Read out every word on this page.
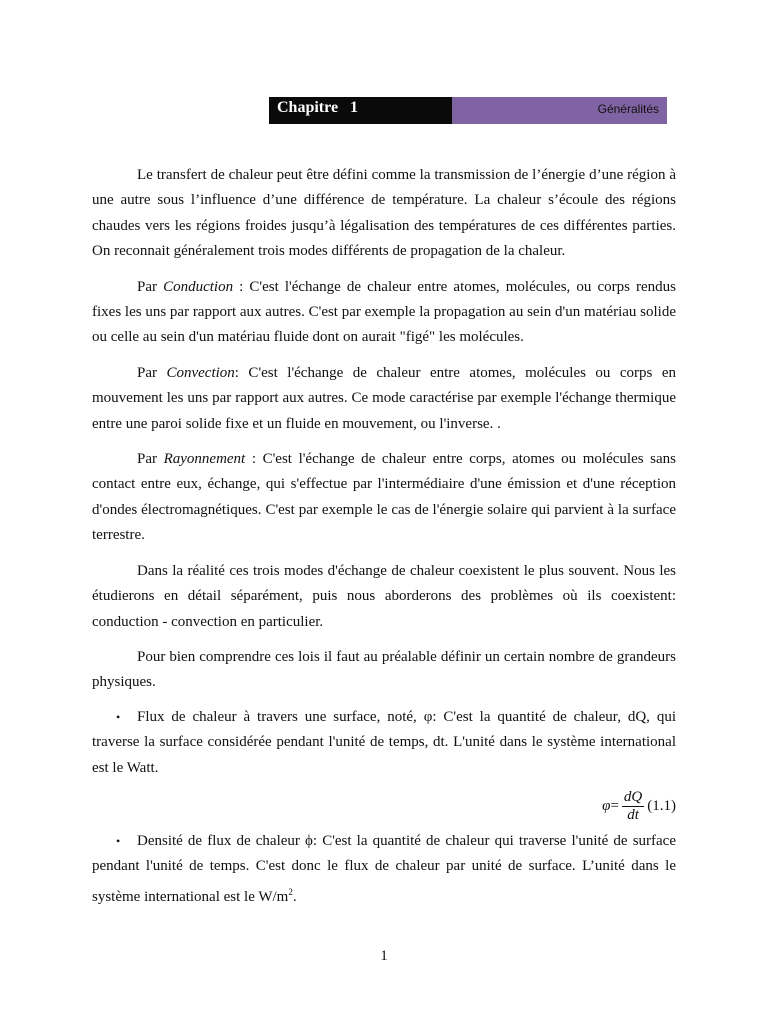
Chapitre   1	Généralités

Le transfert de chaleur peut être défini comme la transmission de l’énergie d’une région à une autre sous l’influence d’une différence de température. La chaleur s’écoule des régions chaudes vers les régions froides jusqu’à légalisation des températures de ces différentes parties. On reconnait généralement trois modes différents de propagation de la chaleur.

Par Conduction : C'est l'échange de chaleur entre atomes, molécules, ou corps rendus fixes les uns par rapport aux autres. C'est par exemple la propagation au sein d'un matériau solide ou celle au sein d'un matériau fluide dont on aurait "figé" les molécules.

Par Convection: C'est l'échange de chaleur entre atomes, molécules ou corps en mouvement les uns par rapport aux autres. Ce mode caractérise par exemple l'échange thermique entre une paroi solide fixe et un fluide en mouvement, ou l'inverse. .

Par Rayonnement : C'est l'échange de chaleur entre corps, atomes ou molécules sans contact entre eux, échange, qui s'effectue par l'intermédiaire d'une émission et d'une réception d'ondes électromagnétiques. C'est par exemple le cas de l'énergie solaire qui parvient à la surface terrestre.

Dans la réalité ces trois modes d'échange de chaleur coexistent le plus souvent. Nous les étudierons en détail séparément, puis nous aborderons des problèmes où ils coexistent: conduction - convection en particulier.

Pour bien comprendre ces lois il faut au préalable définir un certain nombre de grandeurs physiques.

• Flux de chaleur à travers une surface, noté, φ: C'est la quantité de chaleur, dQ, qui traverse la surface considérée pendant l'unité de temps, dt. L'unité dans le système international est le Watt.

$\varphi = \frac{dQ}{dt} (1.1)$

• Densité de flux de chaleur ϕ: C'est la quantité de chaleur qui traverse l'unité de surface pendant l'unité de temps. C'est donc le flux de chaleur par unité de surface. L’unité dans le système international est le $W/m^2$.

1
